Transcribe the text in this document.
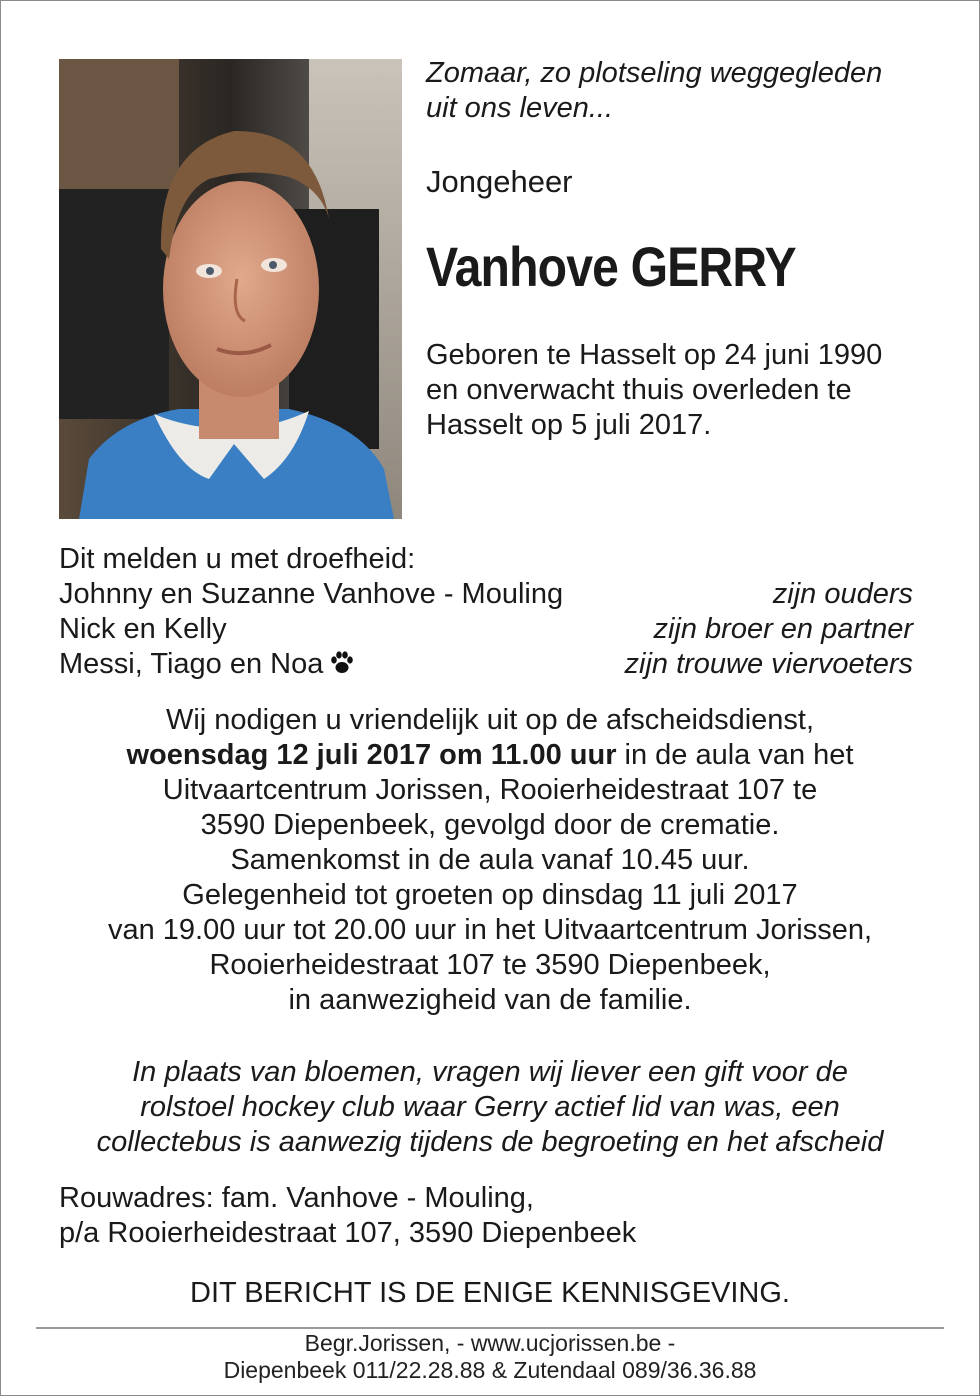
Zomaar, zo plotseling weggegleden

uit ons leven...

Jongeheer
Vanhove GERRY
Geboren te Hasselt op 24 juni 1990
en onverwacht thuis overleden te
Hasselt op 5 juli 2017.
Dit melden u met droefheid:
Johnny en Suzanne Vanhove - Mouling	zijn ouders
Nick en Kelly	zijn broer en partner
Messi, Tiago en Noa	zijn trouwe viervoeters
Wij nodigen u vriendelijk uit op de afscheidsdienst,
woensdag 12 juli 2017 om 11.00 uur in de aula van het
Uitvaartcentrum Jorissen, Rooierheidestraat 107 te
3590 Diepenbeek, gevolgd door de crematie.
Samenkomst in de aula vanaf 10.45 uur.
Gelegenheid tot groeten op dinsdag 11 juli 2017
van 19.00 uur tot 20.00 uur in het Uitvaartcentrum Jorissen,
Rooierheidestraat 107 te 3590 Diepenbeek,
in aanwezigheid van de familie.
In plaats van bloemen, vragen wij liever een gift voor de
rolstoel hockey club waar Gerry actief lid van was, een
collectebus is aanwezig tijdens de begroeting en het afscheid
Rouwadres: fam. Vanhove - Mouling,
p/a Rooierheidestraat 107, 3590 Diepenbeek
DIT BERICHT IS DE ENIGE KENNISGEVING.
Begr.Jorissen, - www.ucjorissen.be -
Diepenbeek 011/22.28.88 & Zutendaal 089/36.36.88
